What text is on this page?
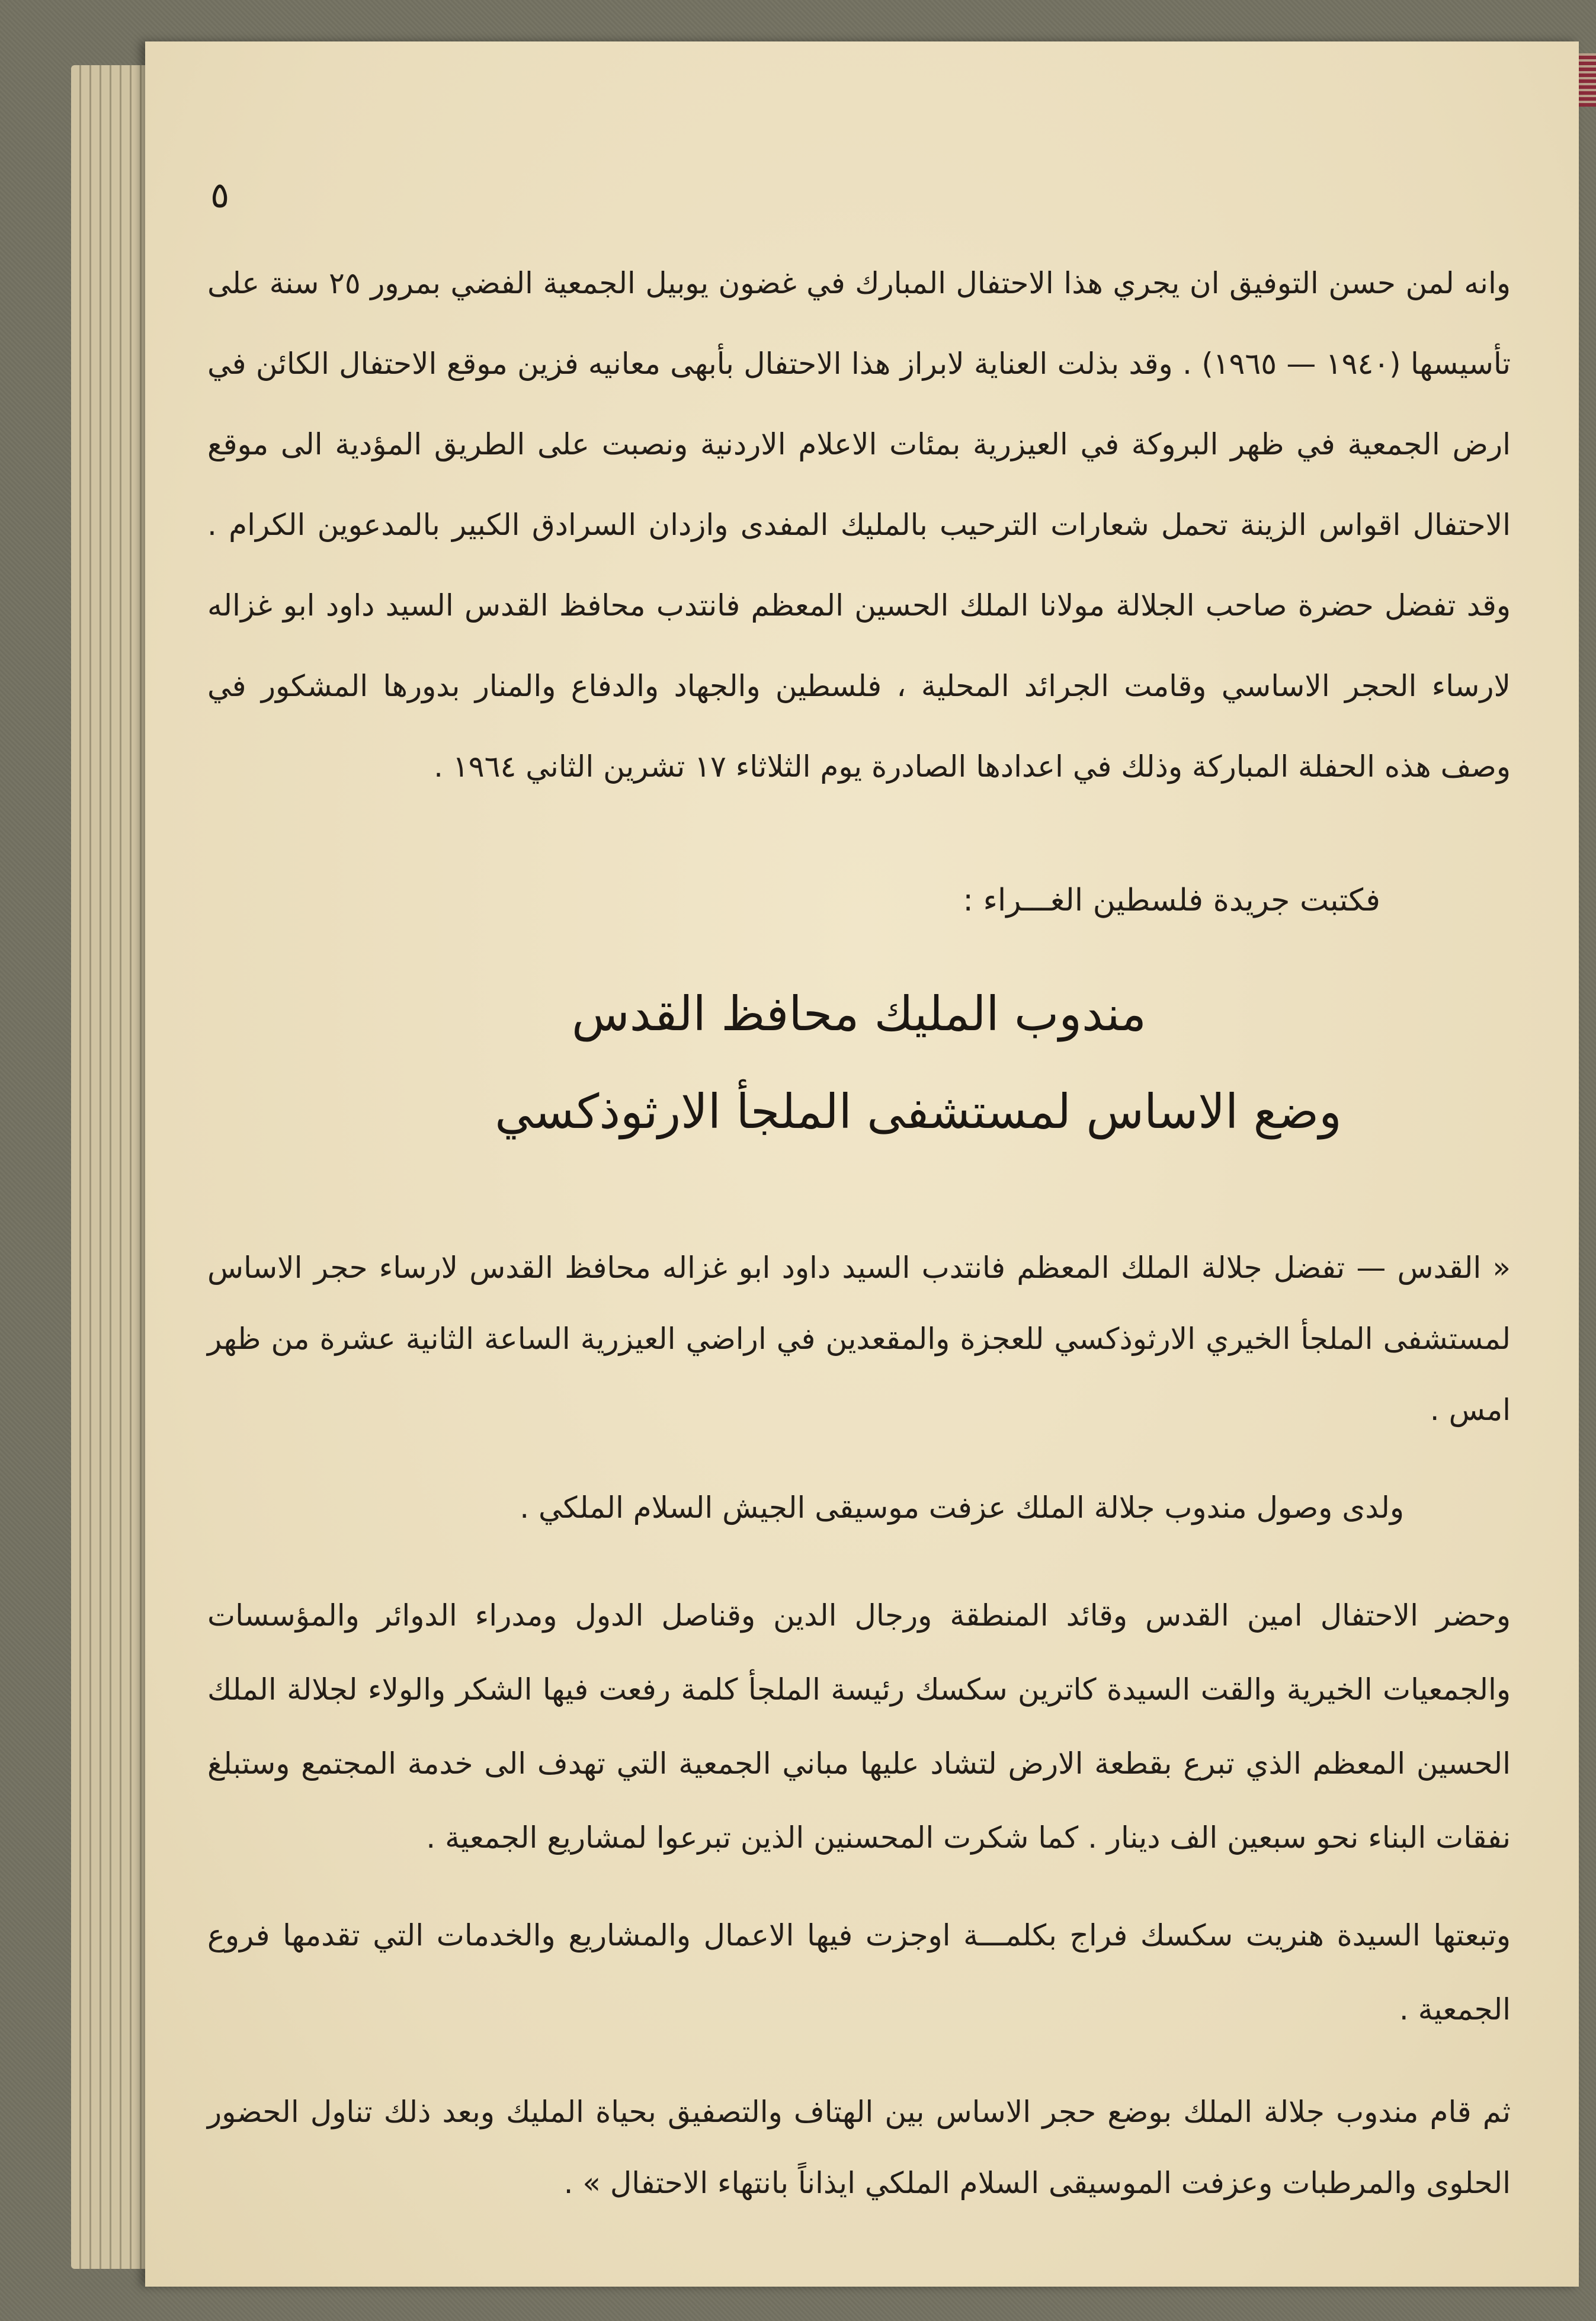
٥

وانه لمن حسن التوفيق ان يجري هذا الاحتفال المبارك في غضون يوبيل الجمعية الفضي بمرور ٢٥ سنة على تأسيسها (١٩٤٠ — ١٩٦٥) . وقد بذلت العناية لابراز هذا الاحتفال بأبهى معانيه فزين موقع الاحتفال الكائن في ارض الجمعية في ظهر البروكة في العيزرية بمئات الاعلام الاردنية ونصبت على الطريق المؤدية الى موقع الاحتفال اقواس الزينة تحمل شعارات الترحيب بالمليك المفدى وازدان السرادق الكبير بالمدعوين الكرام . وقد تفضل حضرة صاحب الجلالة مولانا الملك الحسين المعظم فانتدب محافظ القدس السيد داود ابو غزاله لارساء الحجر الاساسي وقامت الجرائد المحلية ، فلسطين والجهاد والدفاع والمنار بدورها المشكور في وصف هذه الحفلة المباركة وذلك في اعدادها الصادرة يوم الثلاثاء ١٧ تشرين الثاني ١٩٦٤ .

فكتبت جريدة فلسطين الغـــراء :

مندوب المليك محافظ القدس
وضع الاساس لمستشفى الملجأ الارثوذكسي

« القدس — تفضل جلالة الملك المعظم فانتدب السيد داود ابو غزاله محافظ القدس لارساء حجر الاساس لمستشفى الملجأ الخيري الارثوذكسي للعجزة والمقعدين في اراضي العيزرية الساعة الثانية عشرة من ظهر امس .

ولدى وصول مندوب جلالة الملك عزفت موسيقى الجيش السلام الملكي .

وحضر الاحتفال امين القدس وقائد المنطقة ورجال الدين وقناصل الدول ومدراء الدوائر والمؤسسات والجمعيات الخيرية والقت السيدة كاترين سكسك رئيسة الملجأ كلمة رفعت فيها الشكر والولاء لجلالة الملك الحسين المعظم الذي تبرع بقطعة الارض لتشاد عليها مباني الجمعية التي تهدف الى خدمة المجتمع وستبلغ نفقات البناء نحو سبعين الف دينار . كما شكرت المحسنين الذين تبرعوا لمشاريع الجمعية .

وتبعتها السيدة هنريت سكسك فراج بكلمـــة اوجزت فيها الاعمال والمشاريع والخدمات التي تقدمها فروع الجمعية .

ثم قام مندوب جلالة الملك بوضع حجر الاساس بين الهتاف والتصفيق بحياة المليك وبعد ذلك تناول الحضور الحلوى والمرطبات وعزفت الموسيقى السلام الملكي ايذاناً بانتهاء الاحتفال » .
